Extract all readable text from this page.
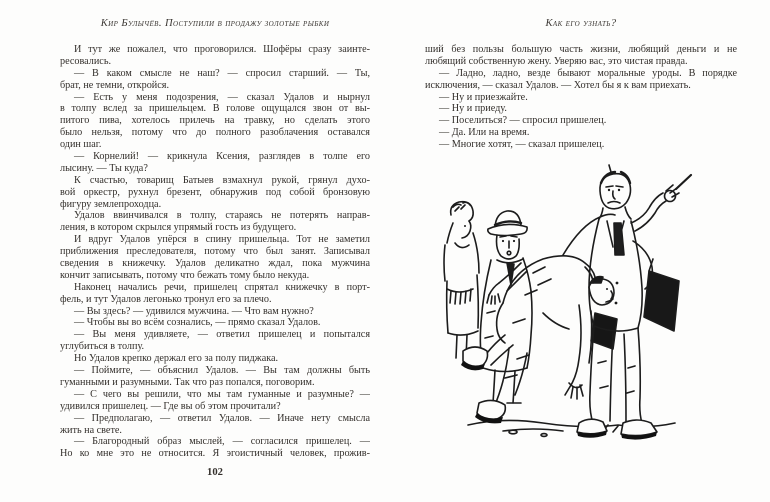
Кир Булычёв. Поступили в продажу золотые рыбки
И тут же пожалел, что проговорился. Шофёры сразу заинте-
ресовались.
— В каком смысле не наш? — спросил старший. — Ты,
брат, не темни, откройся.
— Есть у меня подозрения, — сказал Удалов и нырнул
в толпу вслед за пришельцем. В голове ощущался звон от вы-
питого пива, хотелось прилечь на травку, но сделать этого
было нельзя, потому что до полного разоблачения оставался
один шаг.
— Корнелий! — крикнула Ксения, разглядев в толпе его
лысину. — Ты куда?
К счастью, товарищ Батыев взмахнул рукой, грянул духо-
вой оркестр, рухнул брезент, обнаружив под собой бронзовую
фигуру землепроходца.
Удалов ввинчивался в толпу, стараясь не потерять направ-
ления, в котором скрылся упрямый гость из будущего.
И вдруг Удалов упёрся в спину пришельца. Тот не заметил
приближения преследователя, потому что был занят. Записывал
сведения в книжечку. Удалов деликатно ждал, пока мужчина
кончит записывать, потому что бежать тому было некуда.
Наконец начались речи, пришелец спрятал книжечку в порт-
фель, и тут Удалов легонько тронул его за плечо.
— Вы здесь? — удивился мужчина. — Что вам нужно?
— Чтобы вы во всём сознались, — прямо сказал Удалов.
— Вы меня удивляете, — ответил пришелец и попытался
углубиться в толпу.
Но Удалов крепко держал его за полу пиджака.
— Поймите, — объяснил Удалов. — Вы там должны быть
гуманными и разумными. Так что раз попался, поговорим.
— С чего вы решили, что мы там гуманные и разумные? —
удивился пришелец. — Где вы об этом прочитали?
— Предполагаю, — ответил Удалов. — Иначе нету смысла
жить на свете.
— Благородный образ мыслей, — согласился пришелец. —
Но ко мне это не относится. Я эгоистичный человек, прожив-
102
Как его узнать?
ший без пользы большую часть жизни, любящий деньги и не
любящий собственную жену. Уверяю вас, это чистая правда.
— Ладно, ладно, везде бывают моральные уроды. В порядке
исключения, — сказал Удалов. — Хотел бы я к вам приехать.
— Ну и приезжайте.
— Ну и приеду.
— Поселиться? — спросил пришелец.
— Да. Или на время.
— Многие хотят, — сказал пришелец.
